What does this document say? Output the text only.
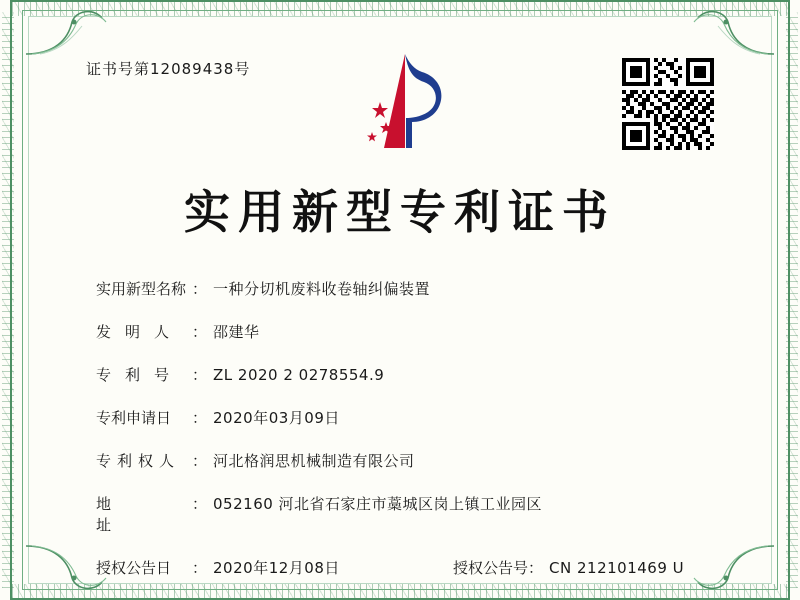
证书号第12089438号
实用新型专利证书
实用新型名称 ： 一种分切机废料收卷轴纠偏装置
发明人 ： 邵建华
专利号 ： ZL 2020 2 0278554.9
专利申请日 ： 2020年03月09日
专利权人 ： 河北格润思机械制造有限公司
地址
： 052160 河北省石家庄市藁城区岗上镇工业园区
授权公告日 ： 2020年12月08日	授权公告号： CN 212101469 U
